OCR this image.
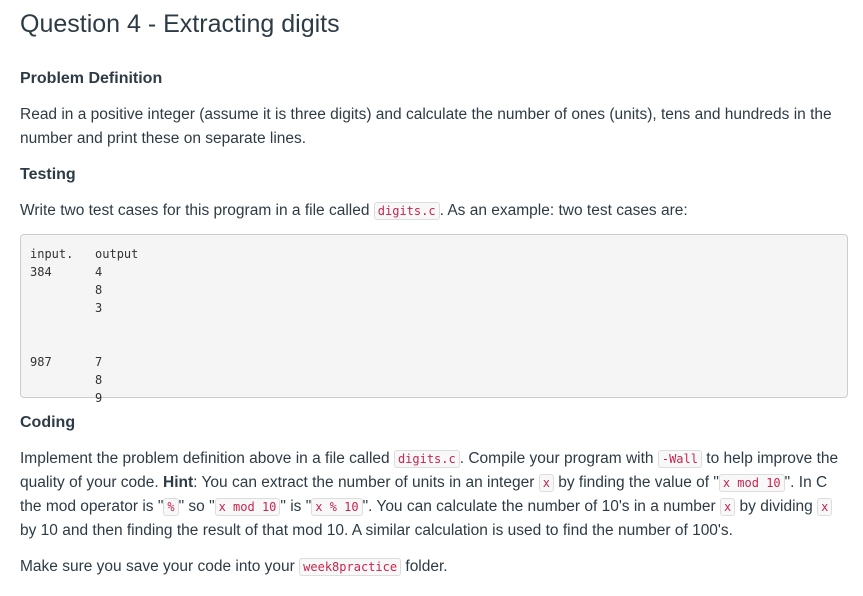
Question 4 - Extracting digits
Problem Definition

Read in a positive integer (assume it is three digits) and calculate the number of ones (units), tens and hundreds in the number and print these on separate lines.

Testing

Write two test cases for this program in a file called digits.c . As an example: two test cases are:

input.   output
384      4
8
3

987      7
8
9
Coding

Implement the problem definition above in a file called digits.c . Compile your program with -Wall to help improve the quality of your code. Hint: You can extract the number of units in an integer x by finding the value of " x mod 10 ". In C the mod operator is " % " so " x mod 10 " is " x % 10 ". You can calculate the number of 10's in a number x by dividing x by 10 and then finding the result of that mod 10. A similar calculation is used to find the number of 100's.

Make sure you save your code into your week8practice folder.
